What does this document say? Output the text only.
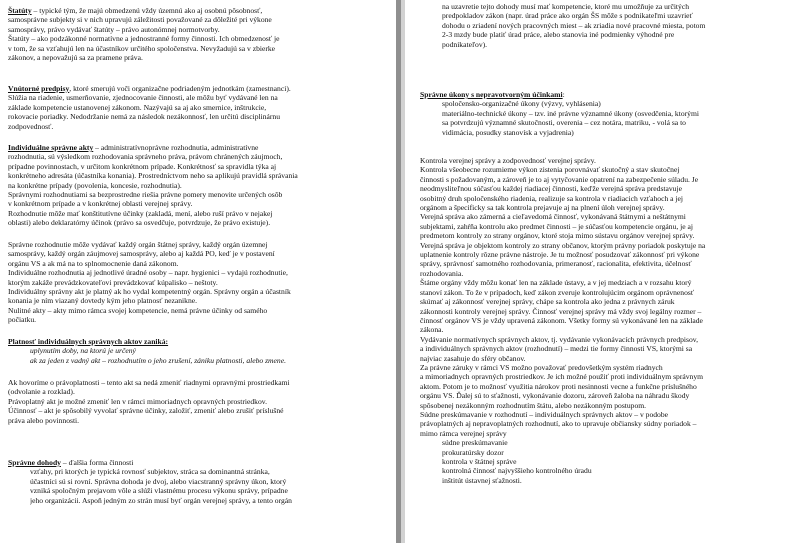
Štatúty – typické tým, že majú obmedzenú vždy územnú ako aj osobnú pôsobnosť,
samosprávne subjekty si v nich upravujú záležitosti považované za dôležité pri výkone
samosprávy, právo vydávať štatúty – právo autonómnej normotvorby.
Štatúty – ako podzákonné normatívne a jednostranné formy činnosti. Ich obmedzenosť je
v tom, že sa vzťahujú len na účastníkov určitého spoločenstva. Nevyžadujú sa v zbierke
zákonov, a nepovažujú sa za pramene práva.
Vnútorné predpisy, ktoré smerujú voči organizačne podriadeným jednotkám (zamestnanci).
Slúžia na riadenie, usmerňovanie, zjednocovanie činnosti, ale môžu byť vydávané len na
základe kompetencie ustanovenej zákonom. Nazývajú sa aj ako smernice, inštrukcie,
rokovacie poriadky. Nedodržanie nemá za následok nezákonnosť, len určitú disciplinárnu
zodpovednosť.
Individuálne správne akty – administratívnoprávne rozhodnutia, administratívne
rozhodnutia, sú výsledkom rozhodovania správneho práva, právom chránených záujmoch,
prípadne povinnostach, v určitom konkrétnom prípade. Konkrétnosť sa spravidla týka aj
konkrétneho adresáta (účastníka konania). Prostredníctvom neho sa aplikujú pravidlá správania
na konkrétne prípady (povolenia, koncesie, rozhodnutia).
Správnymi rozhodnutiami sa bezprostredne riešia právne pomery menovite určených osôb
v konkrétnom prípade a v konkrétnej oblasti verejnej správy.
Rozhodnutie môže mať konštitutívne účinky (zakladá, mení, alebo ruší právo v nejakej
oblasti) alebo deklaratórny účinok (právo sa osvedčuje, potvrdzuje, že právo existuje).
Správne rozhodnutie môže vydávať každý orgán štátnej správy, každý orgán územnej
samosprávy, každý orgán záujmovej samosprávy, alebo aj každá PO, keď je v postavení
orgánu VS a ak má na to splnomocnenie daná zákonom.
Individuálne rozhodnutia aj jednotlivé úradné osoby – napr. hygienici – vydajú rozhodnutie,
ktorým zakáže prevádzkovateľovi prevádzkovať kúpalisko – neštoty.
Individuálny správny akt je platný ak ho vydal kompetentný orgán. Správny orgán a účastník
konania je ním viazaný dovtedy kým jeho platnosť nezanikne.
Nulitné akty – akty mimo rámca svojej kompetencie, nemá právne účinky od samého
počiatku.
Platnosť individuálnych správnych aktov zaniká:
- uplynutím doby, na ktorú je určený
- ak za jeden z vadný akt – rozhodnutím o jeho zrušení, zániku platnosti, alebo zmene.
Ak hovoríme o právoplatnosti – tento akt sa nedá zmeniť riadnymi opravnými prostriedkami
(odvolanie a rozklad).
Právoplatný akt je možné zmeniť len v rámci mimoriadnych opravných prostriedkov.
Účinnosť – akt je spôsobilý vyvolať správne účinky, založiť, zmeniť alebo zrušiť príslušné
práva alebo povinnosti.
Správne dohody – ďalšia forma činnosti
- vzťahy, pri ktorých je typická rovnosť subjektov, stráca sa dominantná stránka,
účastníci sú si rovní. Správna dohoda je dvoj, alebo viacstranný správny úkon, ktorý
vzniká spoločným prejavom vôle a slúži vlastnému procesu výkonu správy, prípadne
jeho organizácii. Aspoň jedným zo strán musí byť orgán verejnej správy, a tento orgán
na uzavretie tejto dohody musí mať kompetencie, ktoré mu umožňuje za určitých
predpokladov zákon (napr. úrad práce ako orgán ŠS môže s podnikateľmi uzavrieť
dohodu o zriadení nových pracovných miest – ak zriadia nové pracovné miesta, potom
2-3 mzdy bude platiť úrad práce, alebo stanovia iné podmienky výhodné pre
podnikateľov).
Správne úkony s nepravotvorným účinkami:
- spoločensko-organizačné úkony (výzvy, vyhlásenia)
- materiálno-technické úkony – tzv. iné právne významné úkony (osvedčenia, ktorými
sa potvrdzujú významné skutočnosti, overenia – cez notára, matriku, - volá sa to
vidimácia, posudky stanovísk a vyjadrenia)
Kontrola verejnej správy a zodpovednosť verejnej správy.
Kontrola všeobecne rozumieme výkon zistenia porovnávať skutočný a stav skutočnej
činnosti s požadovaným, a zároveň je to aj vytyčovanie opatrení na zabezpečenie súladu. Je
neodmysliteľnou súčasťou každej riadiacej činnosti, keďže verejná správa predstavuje
osobitný druh spoločenského riadenia, realizuje sa kontrola v riadiacich vzťahoch a jej
orgánom a špecificky sa tak kontrola prejavuje aj na plnení úloh verejnej správy.
Verejná správa ako zámerná a cieľavedomá činnosť, vykonávaná štátnymi a neštátnymi
subjektami, zahŕňa kontrolu ako predmet činnosti – je súčasťou kompetencie orgánu, je aj
predmetom kontroly zo strany orgánov, ktoré stoja mimo sústavu orgánov verejnej správy.
Verejná správa je objektom kontroly zo strany občanov, ktorým právny poriadok poskytuje na
uplatnenie kontroly rôzne právne nástroje. Je tu možnosť posudzovať zákonnosť pri výkone
správy, správnosť samotného rozhodovania, primeranosť, racionalita, efektivita, účelnosť
rozhodovania.
Štáme orgány vždy môžu konať len na základe ústavy, a v jej medziach a v rozsahu ktorý
stanoví zákon. To že v prípadoch, keď zákon zveruje kontrolujúcim orgánom oprávnenosť
skúmať aj zákonnosť verejnej správy, chápe sa kontrola ako jedna z právnych záruk
zákonnosti kontroly verejnej správy. Činnosť verejnej správy má vždy svoj legálny rozmer –
činnosť orgánov VS je vždy upravená zákonom. Všetky formy sú vykonávané len na základe
zákona.
Vydávanie normatívnych správnych aktov, tj. vydávanie vykonávacích právnych predpisov,
a individuálnych správnych aktov (rozhodnutí) – medzi tie formy činnosti VS, ktorými sa
najviac zasahuje do sféry občanov.
Za právne záruky v rámci VS možno považovať predovšetkým systém riadnych
a mimoriadnych opravných prostriedkov. Je ich možné použiť proti individuálnym správnym
aktom. Potom je to možnosť využitia nárokov proti nesinnosti vecne a funkčne príslušného
orgánu VS. Ďalej sú to sťažnosti, vykonávanie dozoru, zároveň žaloba na náhradu škody
spôsobenej nezákonným rozhodnutím štátu, alebo nezákonným postupom.
Súdne preskúmavanie v rozhodnutí – individuálnych správnych aktov – v podobe
právoplatných aj nepravoplatných rozhodnutí, ako to upravuje občiansky súdny poriadok –
mimo rámca verejnej správy
• súdne preskúmavanie
• prokuratúrsky dozor
• kontrola v štátnej správe
• kontrolná činnosť najvyššieho kontrolného úradu
• inštitút ústavnej sťažnosti.
